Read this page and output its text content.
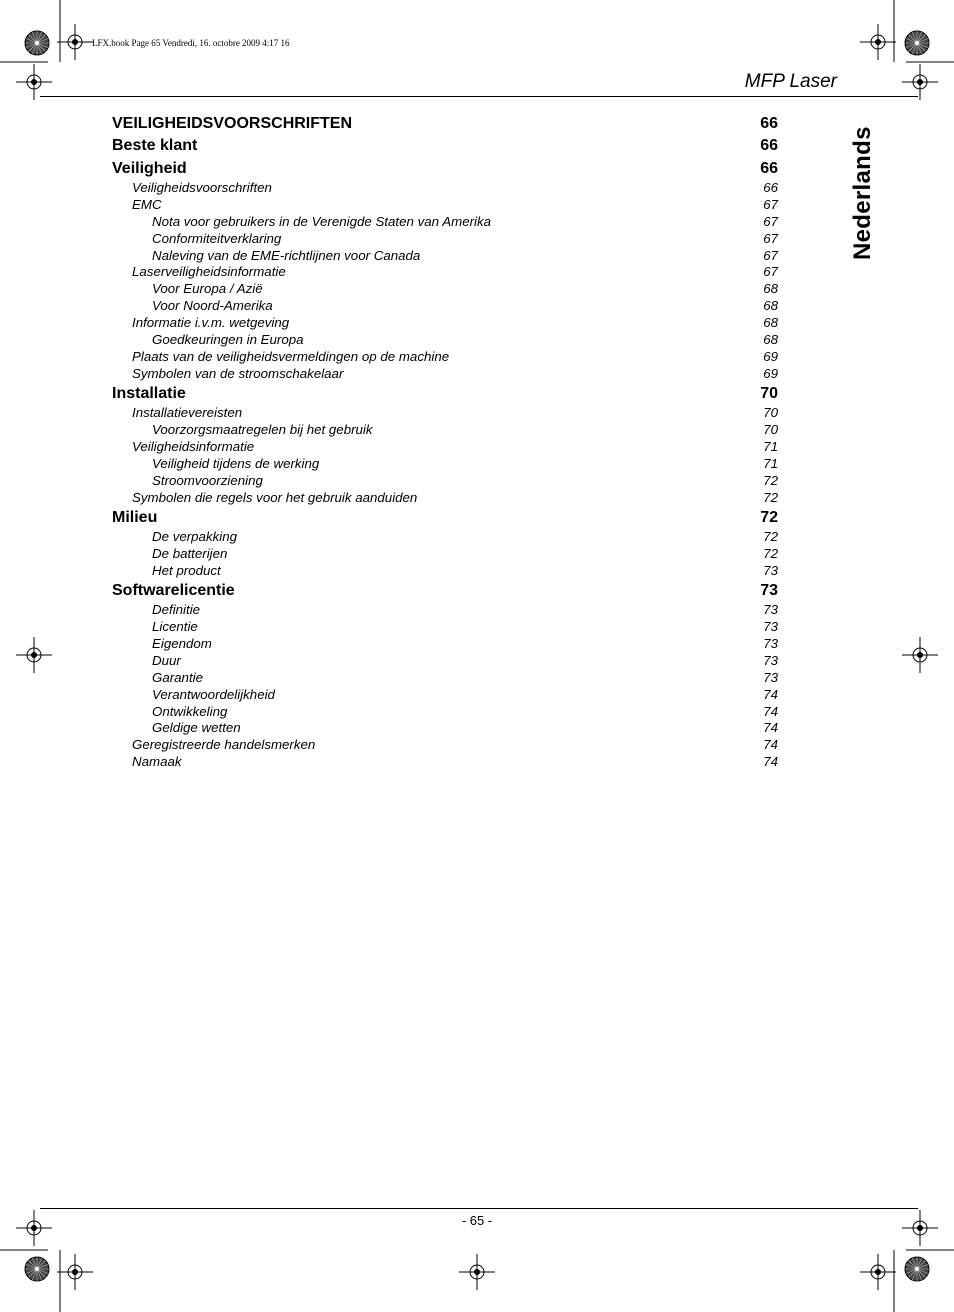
LFX.book Page 65 Vendredi, 16. octobre 2009 4:17 16
MFP Laser
Nederlands
VEILIGHEIDSVOORSCHRIFTEN	66
Beste klant	66
Veiligheid	66
Veiligheidsvoorschriften	66
EMC	67
Nota voor gebruikers in de Verenigde Staten van Amerika	67
Conformiteitverklaring	67
Naleving van de EME-richtlijnen voor Canada	67
Laserveiligheidsinformatie	67
Voor Europa / Azië	68
Voor Noord-Amerika	68
Informatie i.v.m. wetgeving	68
Goedkeuringen in Europa	68
Plaats van de veiligheidsvermeldingen op de machine	69
Symbolen van de stroomschakelaar	69
Installatie	70
Installatievereisten	70
Voorzorgsmaatregelen bij het gebruik	70
Veiligheidsinformatie	71
Veiligheid tijdens de werking	71
Stroomvoorziening	72
Symbolen die regels voor het gebruik aanduiden	72
Milieu	72
De verpakking	72
De batterijen	72
Het product	73
Softwarelicentie	73
Definitie	73
Licentie	73
Eigendom	73
Duur	73
Garantie	73
Verantwoordelijkheid	74
Ontwikkeling	74
Geldige wetten	74
Geregistreerde handelsmerken	74
Namaak	74
- 65 -
